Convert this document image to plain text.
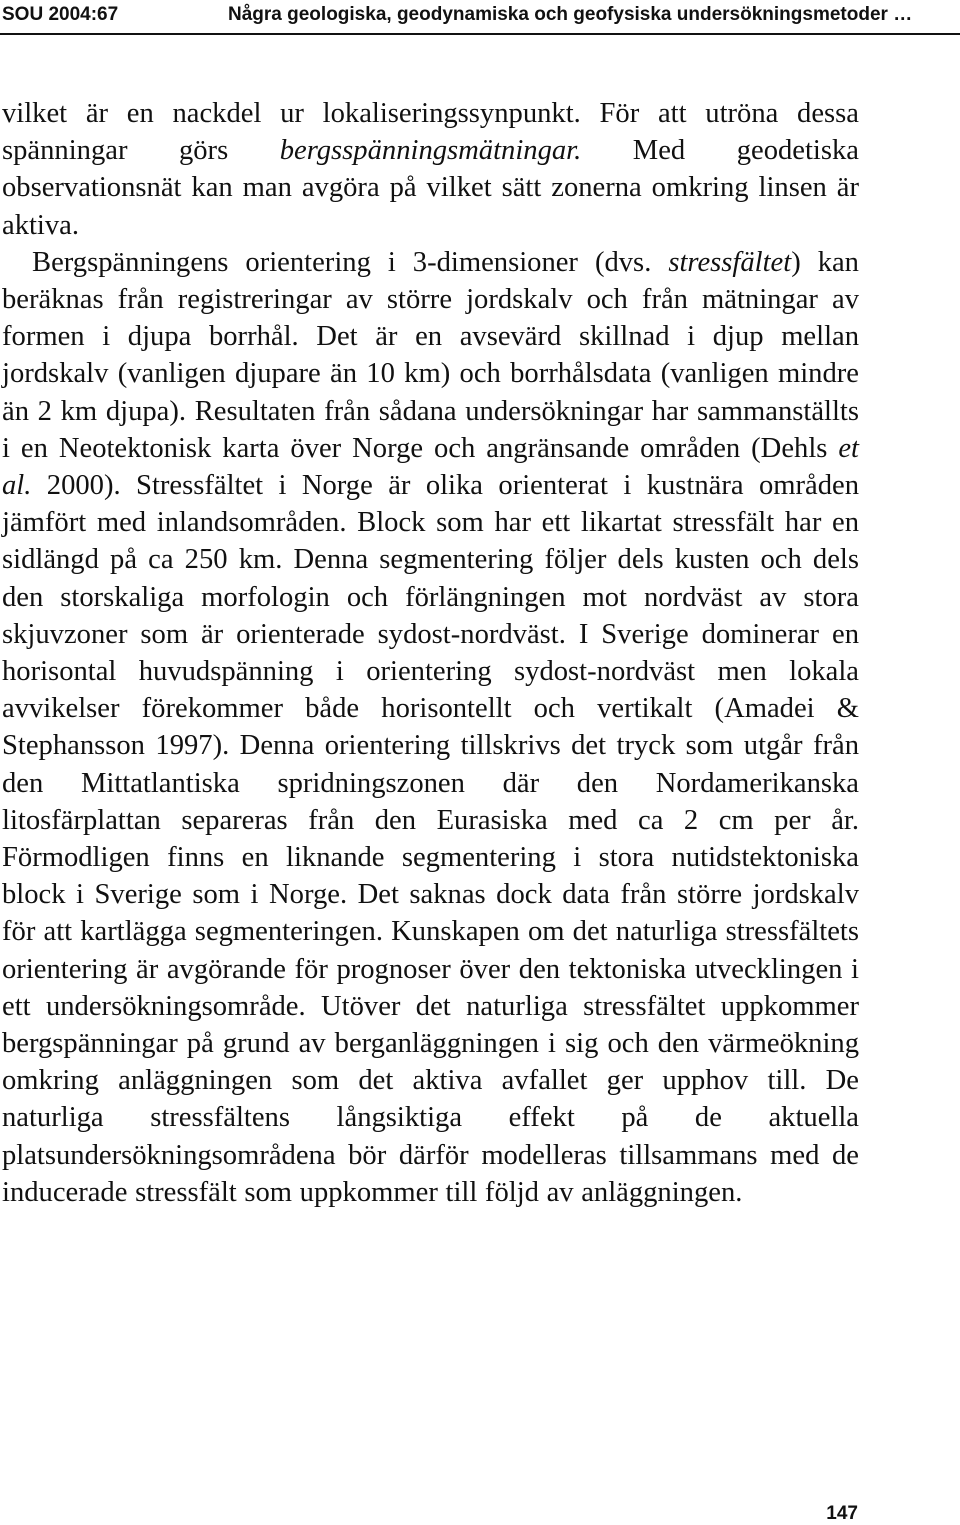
SOU 2004:67	Några geologiska, geodynamiska och geofysiska undersökningsmetoder …

vilket är en nackdel ur lokaliseringssynpunkt. För att utröna dessa spänningar görs bergsspänningsmätningar. Med geodetiska observationsnät kan man avgöra på vilket sätt zonerna omkring linsen är aktiva.

Bergspänningens orientering i 3-dimensioner (dvs. stressfältet) kan beräknas från registreringar av större jordskalv och från mätningar av formen i djupa borrhål. Det är en avsevärd skillnad i djup mellan jordskalv (vanligen djupare än 10 km) och borrhålsdata (vanligen mindre än 2 km djupa). Resultaten från sådana undersökningar har sammanställts i en Neotektonisk karta över Norge och angränsande områden (Dehls et al. 2000). Stressfältet i Norge är olika orienterat i kustnära områden jämfört med inlandsområden. Block som har ett likartat stressfält har en sidlängd på ca 250 km. Denna segmentering följer dels kusten och dels den storskaliga morfologin och förlängningen mot nordväst av stora skjuvzoner som är orienterade sydost-nordväst. I Sverige dominerar en horisontal huvudspänning i orientering sydost-nordväst men lokala avvikelser förekommer både horisontellt och vertikalt (Amadei & Stephansson 1997). Denna orientering tillskrivs det tryck som utgår från den Mittatlantiska spridningszonen där den Nordamerikanska litosfärplattan separeras från den Eurasiska med ca 2 cm per år. Förmodligen finns en liknande segmentering i stora nutidstektoniska block i Sverige som i Norge. Det saknas dock data från större jordskalv för att kartlägga segmenteringen. Kunskapen om det naturliga stressfältets orientering är avgörande för prognoser över den tektoniska utvecklingen i ett undersökningsområde. Utöver det naturliga stressfältet uppkommer bergspänningar på grund av berganläggningen i sig och den värmeökning omkring anläggningen som det aktiva avfallet ger upphov till. De naturliga stressfältens långsiktiga effekt på de aktuella platsundersökningsområdena bör därför modelleras tillsammans med de inducerade stressfält som uppkommer till följd av anläggningen.

147
